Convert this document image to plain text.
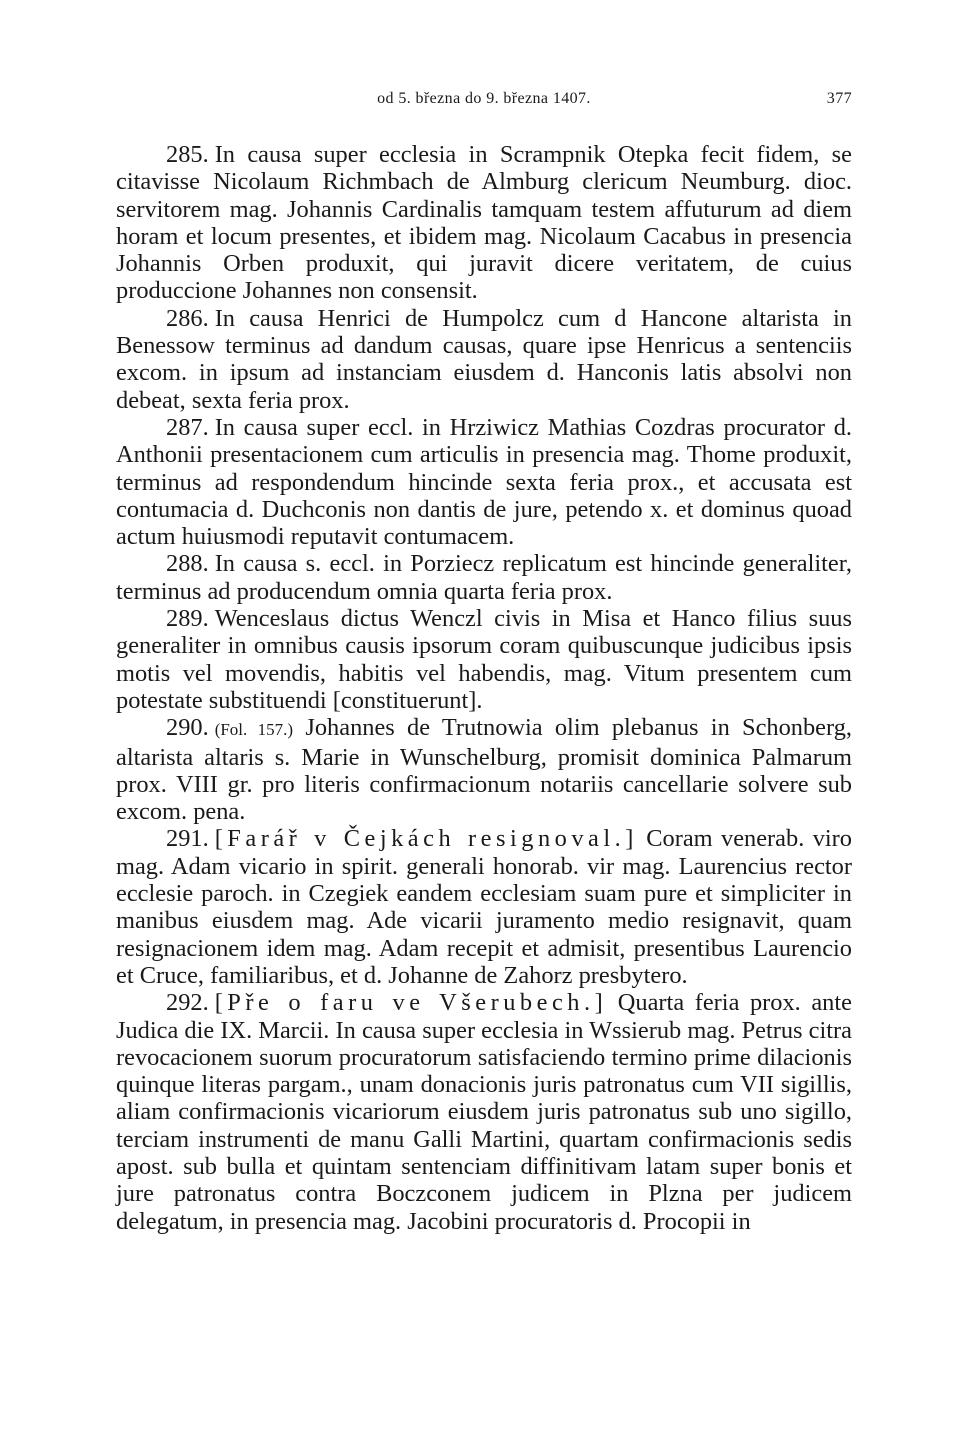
od 5. března do 9. března 1407.	377

285. In causa super ecclesia in Scrampnik Otepka fecit fidem, se citavisse Nicolaum Richmbach de Almburg clericum Neumburg. dioc. servitorem mag. Johannis Cardinalis tamquam testem affuturum ad diem horam et locum presentes, et ibidem mag. Nicolaum Cacabus in presencia Johannis Orben produxit, qui juravit dicere veritatem, de cuius produccione Johannes non consensit.

286. In causa Henrici de Humpolcz cum d Hancone altarista in Benessow terminus ad dandum causas, quare ipse Henricus a sentenciis excom. in ipsum ad instanciam eiusdem d. Hanconis latis absolvi non debeat, sexta feria prox.

287. In causa super eccl. in Hrziwicz Mathias Cozdras procurator d. Anthonii presentacionem cum articulis in presencia mag. Thome produxit, terminus ad respondendum hincinde sexta feria prox., et accusata est contumacia d. Duchconis non dantis de jure, petendo x. et dominus quoad actum huiusmodi reputavit contumacem.

288. In causa s. eccl. in Porziecz replicatum est hincinde generaliter, terminus ad producendum omnia quarta feria prox.

289. Wenceslaus dictus Wenczl civis in Misa et Hanco filius suus generaliter in omnibus causis ipsorum coram quibuscunque judicibus ipsis motis vel movendis, habitis vel habendis, mag. Vitum presentem cum potestate substituendi [constituerunt].

290. (Fol. 157.) Johannes de Trutnowia olim plebanus in Schonberg, altarista altaris s. Marie in Wunschelburg, promisit dominica Palmarum prox. VIII gr. pro literis confirmacionum notariis cancellarie solvere sub excom. pena.

291. [Farář v Čejkách resignoval.] Coram venerab. viro mag. Adam vicario in spirit. generali honorab. vir mag. Laurencius rector ecclesie paroch. in Czegiek eandem ecclesiam suam pure et simpliciter in manibus eiusdem mag. Ade vicarii juramento medio resignavit, quam resignacionem idem mag. Adam recepit et admisit, presentibus Laurencio et Cruce, familiaribus, et d. Johanne de Zahorz presbytero.

292. [Pře o faru ve Všerubech.] Quarta feria prox. ante Judica die IX. Marcii. In causa super ecclesia in Wssierub mag. Petrus citra revocacionem suorum procuratorum satisfaciendo termino prime dilacionis quinque literas pargam., unam donacionis juris patronatus cum VII sigillis, aliam confirmacionis vicariorum eiusdem juris patronatus sub uno sigillo, terciam instrumenti de manu Galli Martini, quartam confirmacionis sedis apost. sub bulla et quintam sentenciam diffinitivam latam super bonis et jure patronatus contra Boczconem judicem in Plzna per judicem delegatum, in presencia mag. Jacobini procuratoris d. Procopii in
